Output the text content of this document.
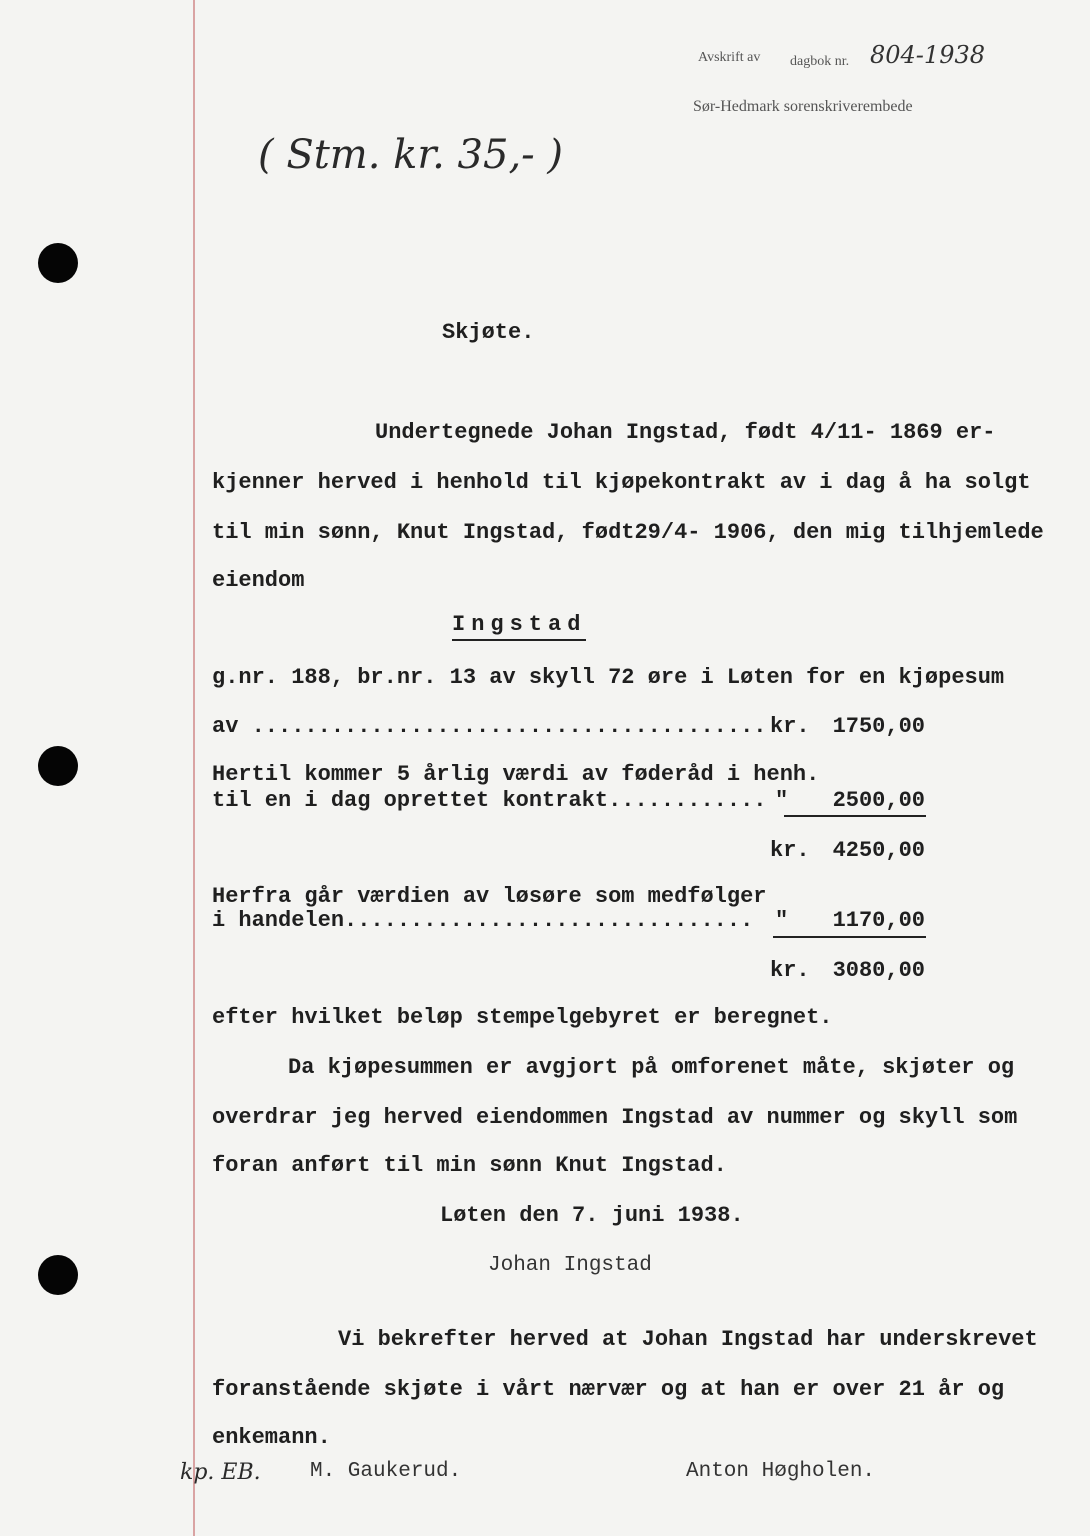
Avskrift av dagbok nr. 804-1938
Sør-Hedmark sorenskriverembede
( Stm. kr. 35,- )
Skjøte.
Undertegnede Johan Ingstad, født 4/11- 1869 er-
kjenner herved i henhold til kjøpekontrakt av i dag å ha solgt
til min sønn, Knut Ingstad, født29/4- 1906, den mig tilhjemlede
eiendom
Ingstad
g.nr. 188, br.nr. 13 av skyll 72 øre i Løten for en kjøpesum
av ....................................... kr.	1750,00
Hertil kommer 5 årlig værdi av føderåd i henh.
til en i dag oprettet kontrakt............ "	2500,00
kr.	4250,00
Herfra går værdien av løsøre som medfølger
i handelen............................... "	1170,00
kr.	3080,00
efter hvilket beløp stempelgebyret er beregnet.
Da kjøpesummen er avgjort på omforenet måte, skjøter og
overdrar jeg herved eiendommen Ingstad av nummer og skyll som
foran anført til min sønn Knut Ingstad.
Løten den 7. juni 1938.
Johan Ingstad
Vi bekrefter herved at Johan Ingstad har underskrevet
foranstående skjøte i vårt nærvær og at han er over 21 år og
enkemann.
kp. EB. M. Gaukerud.	Anton Høgholen.
